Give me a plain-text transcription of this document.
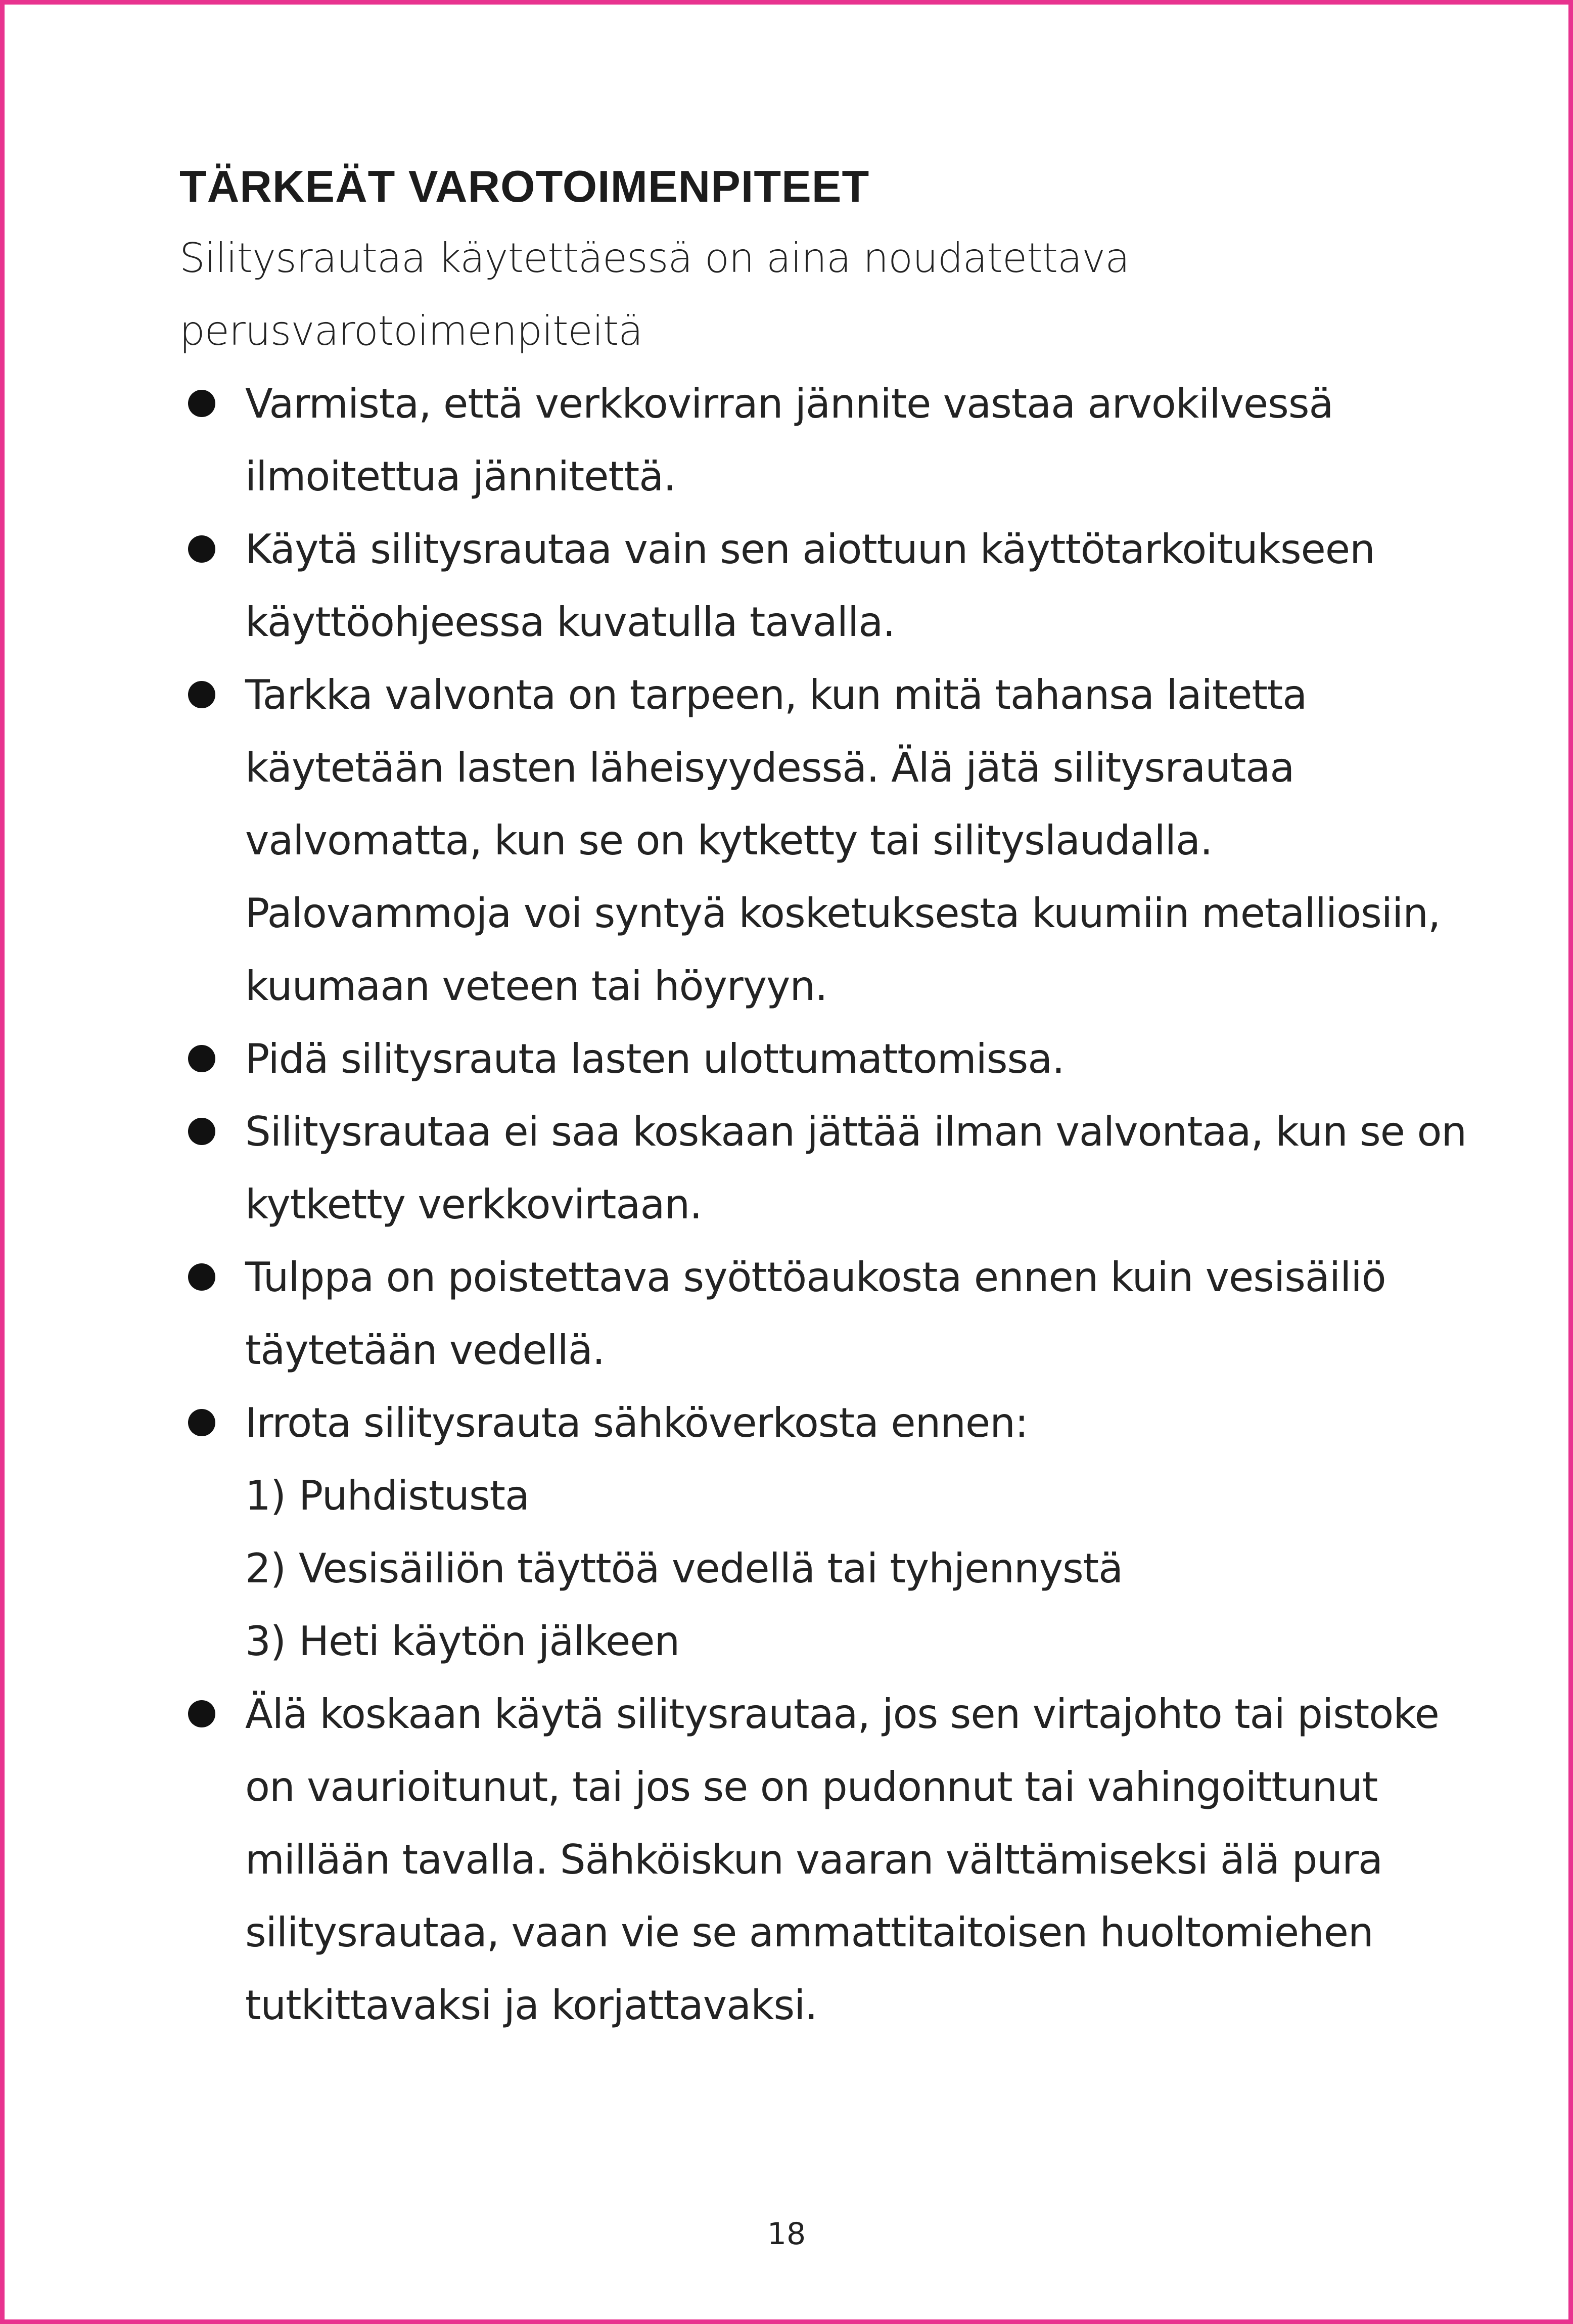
TÄRKEÄT VAROTOIMENPITEET

Silitysrautaa käytettäessä on aina noudatettava perusvarotoimenpiteitä

Varmista, että verkkovirran jännite vastaa arvokilvessä ilmoitettua jännitettä.
Käytä silitysrautaa vain sen aiottuun käyttötarkoitukseen käyttöohjeessa kuvatulla tavalla.
Tarkka valvonta on tarpeen, kun mitä tahansa laitetta käytetään lasten läheisyydessä. Älä jätä silitysrautaa valvomatta, kun se on kytketty tai silityslaudalla. Palovammoja voi syntyä kosketuksesta kuumiin metalliosiin, kuumaan veteen tai höyryyn.
Pidä silitysrauta lasten ulottumattomissa.
Silitysrautaa ei saa koskaan jättää ilman valvontaa, kun se on kytketty verkkovirtaan.
Tulppa on poistettava syöttöaukosta ennen kuin vesisäiliö täytetään vedellä.
Irrota silitysrauta sähköverkosta ennen:
1) Puhdistusta
2) Vesisäiliön täyttöä vedellä tai tyhjennystä
3) Heti käytön jälkeen
Älä koskaan käytä silitysrautaa, jos sen virtajohto tai pistoke on vaurioitunut, tai jos se on pudonnut tai vahingoittunut millään tavalla. Sähköiskun vaaran välttämiseksi älä pura silitysrautaa, vaan vie se ammattitaitoisen huoltomiehen tutkittavaksi ja korjattavaksi.
18
